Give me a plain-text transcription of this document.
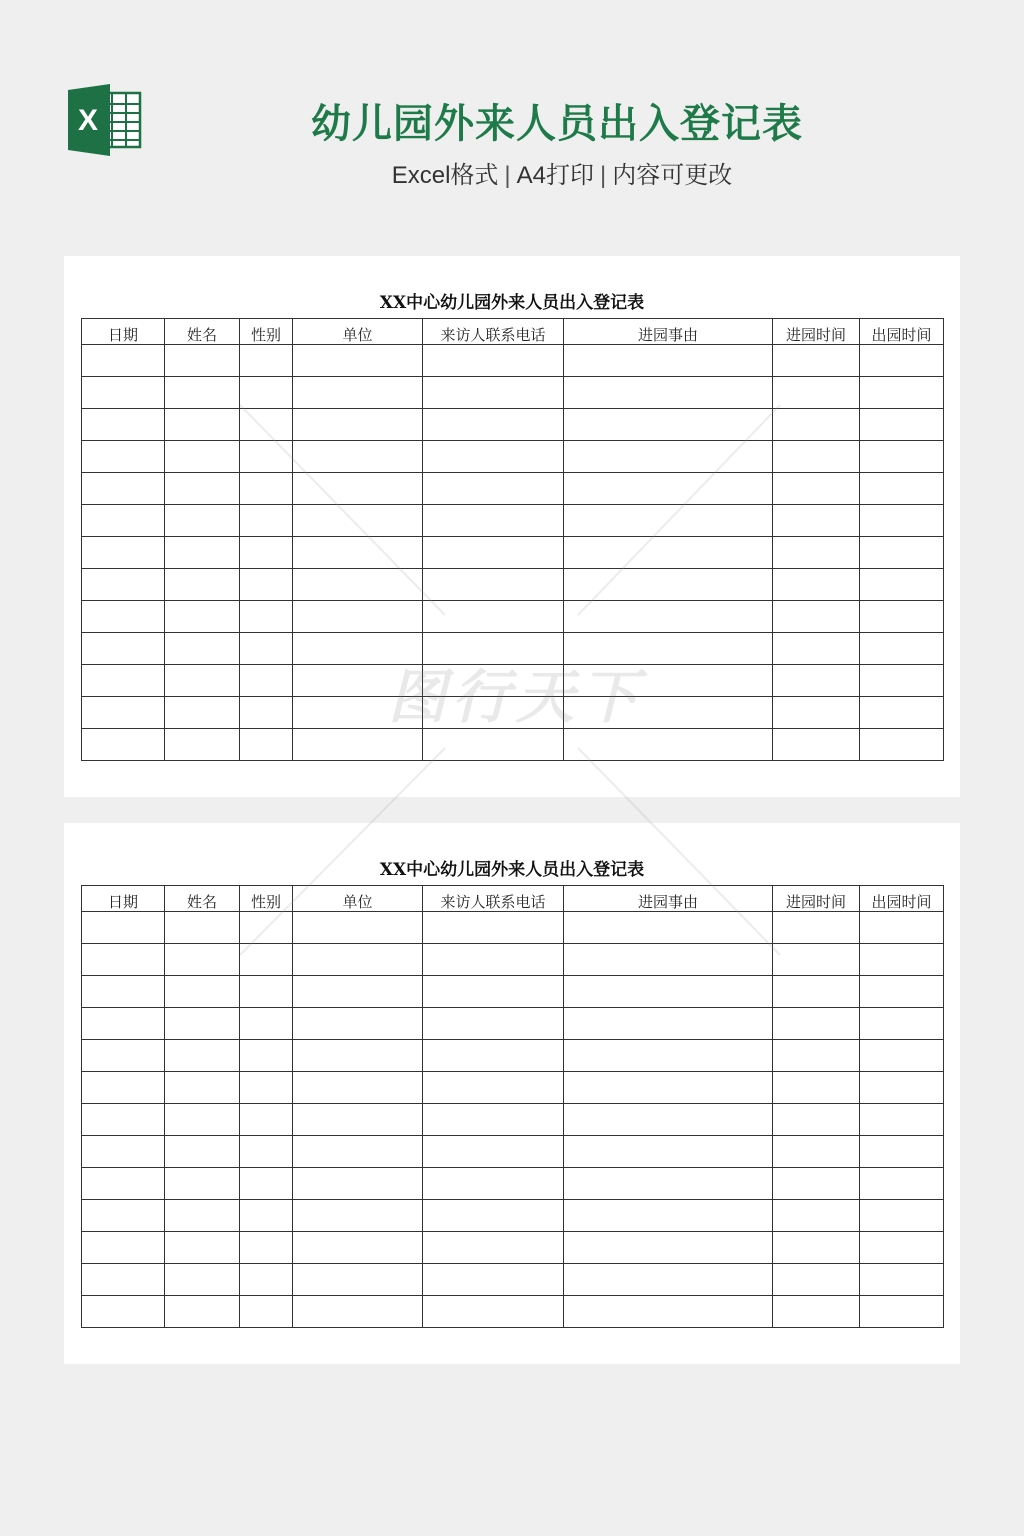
X	幼儿园外来人员出入登记表
Excel格式 | A4打印 | 内容可更改
XX中心幼儿园外来人员出入登记表
日期	姓名	性别	单位	来访人联系电话	进园事由	进园时间	出园时间

XX中心幼儿园外来人员出入登记表
日期	姓名	性别	单位	来访人联系电话	进园事由	进园时间	出园时间
